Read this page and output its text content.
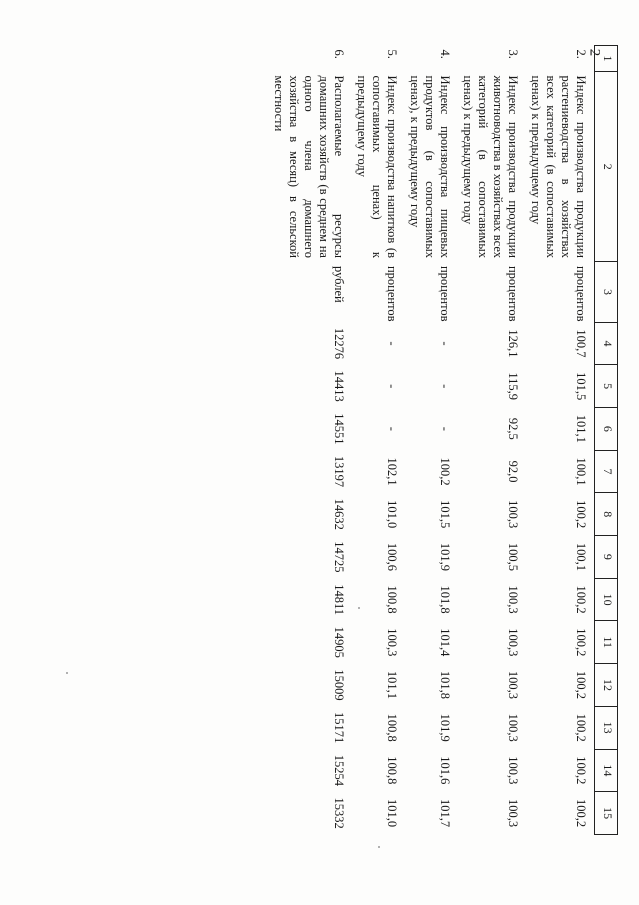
2
1	2	3	4	5	6	7	8	9	10	11	12	13	14	15
2.	Индекс производства продукции растениеводства в хозяйствах всех категорий (в сопоставимых ценах) к предыдущему году	процентов	100,7	101,5	101,1	100,1	100,2	100,1	100,2	100,2	100,2	100,2	100,2	100,2
3.	Индекс производства продукции животноводства в хозяйствах всех категорий (в сопоставимых ценах) к предыдущему году	процентов	126,1	115,9	92,5	92,0	100,3	100,5	100,3	100,3	100,3	100,3	100,3	100,3
4.	Индекс производства пищевых продуктов (в сопоставимых ценах), к предыдущему году	процентов	-	-	-	100,2	101,5	101,9	101,8	101,4	101,8	101,9	101,6	101,7
5.	Индекс производства напитков (в сопоставимых ценах) к предыдущему году	процентов	-	-	-	102,1	101,0	100,6	100,8	100,3	101,1	100,8	100,8	101,0
6.	Располагаемые ресурсы домашних хозяйств (в среднем на одного члена домашнего хозяйства в месяц) в сельской местности	рублей	12276	14413	14551	13197	14632	14725	14811	14905	15009	15171	15254	15332
